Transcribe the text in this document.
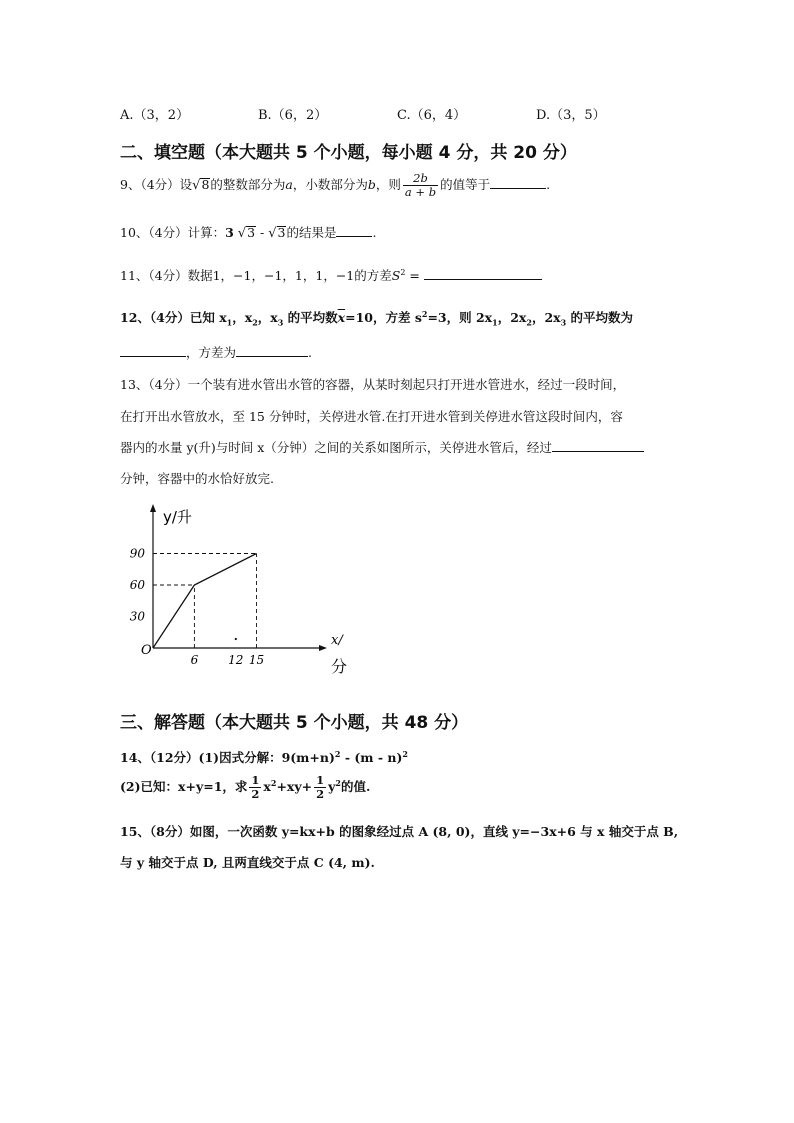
A.（3，2）	B.（6，2）	C.（6，4）	D.（3，5）
二、填空题（本大题共 5 个小题，每小题 4 分，共 20 分）
9、（4分）设√8的整数部分为a，小数部分为b，则 $\frac{2b}{a + b}$ 的值等于	.
10、（4分）计算：3 √3 - √3的结果是	.
11、（4分）数据1，−1，−1，1，1，−1的方差$S^2$ =
12、（4分）已知 $x_1$，$x_2$，$x_3$ 的平均数$\overline{x}=10$，方差 $s^2=3$，则 $2x_1$，$2x_2$，$2x_3$ 的平均数为
，方差为	.
13、（4分）一个装有进水管出水管的容器，从某时刻起只打开进水管进水，经过一段时间，
在打开出水管放水，至 15 分钟时，关停进水管.在打开进水管到关停进水管这段时间内，容
器内的水量 y(升)与时间 x（分钟）之间的关系如图所示，关停进水管后，经过
分钟，容器中的水恰好放完.
6 12 15
30
60
90
O
y/升
x/
分
三、解答题（本大题共 5 个小题，共 48 分）
14、（12分）(1)因式分解：$9(m+n)^2 - (m - n)^2$
(2)已知：x+y=1，求 $\frac{1}{2} x^2+xy+ \frac{1}{2} y^2$的值.
15、（8分）如图，一次函数 y=kx+b 的图象经过点 A (8, 0)，直线 y=−3x+6 与 x 轴交于点 B,
与 y 轴交于点 D, 且两直线交于点 C (4, m).
